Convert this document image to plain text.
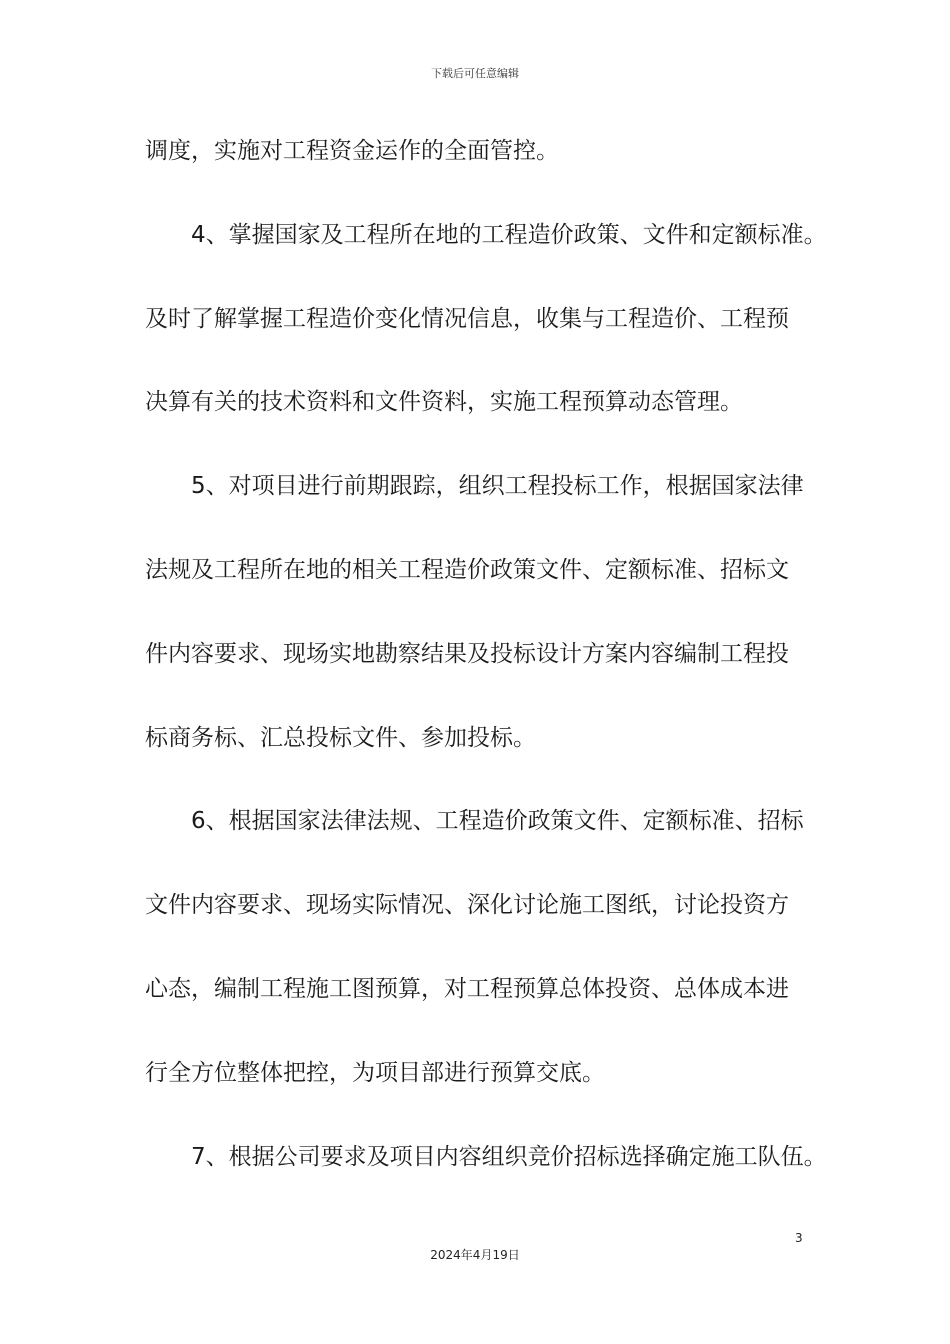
下载后可任意编辑
调度，实施对工程资金运作的全面管控。
4、掌握国家及工程所在地的工程造价政策、文件和定额标准。
及时了解掌握工程造价变化情况信息，收集与工程造价、工程预
决算有关的技术资料和文件资料，实施工程预算动态管理。
5、对项目进行前期跟踪，组织工程投标工作，根据国家法律
法规及工程所在地的相关工程造价政策文件、定额标准、招标文
件内容要求、现场实地勘察结果及投标设计方案内容编制工程投
标商务标、汇总投标文件、参加投标。
6、根据国家法律法规、工程造价政策文件、定额标准、招标
文件内容要求、现场实际情况、深化讨论施工图纸，讨论投资方
心态，编制工程施工图预算，对工程预算总体投资、总体成本进
行全方位整体把控，为项目部进行预算交底。
7、根据公司要求及项目内容组织竞价招标选择确定施工队伍。
3
2024年4月19日
